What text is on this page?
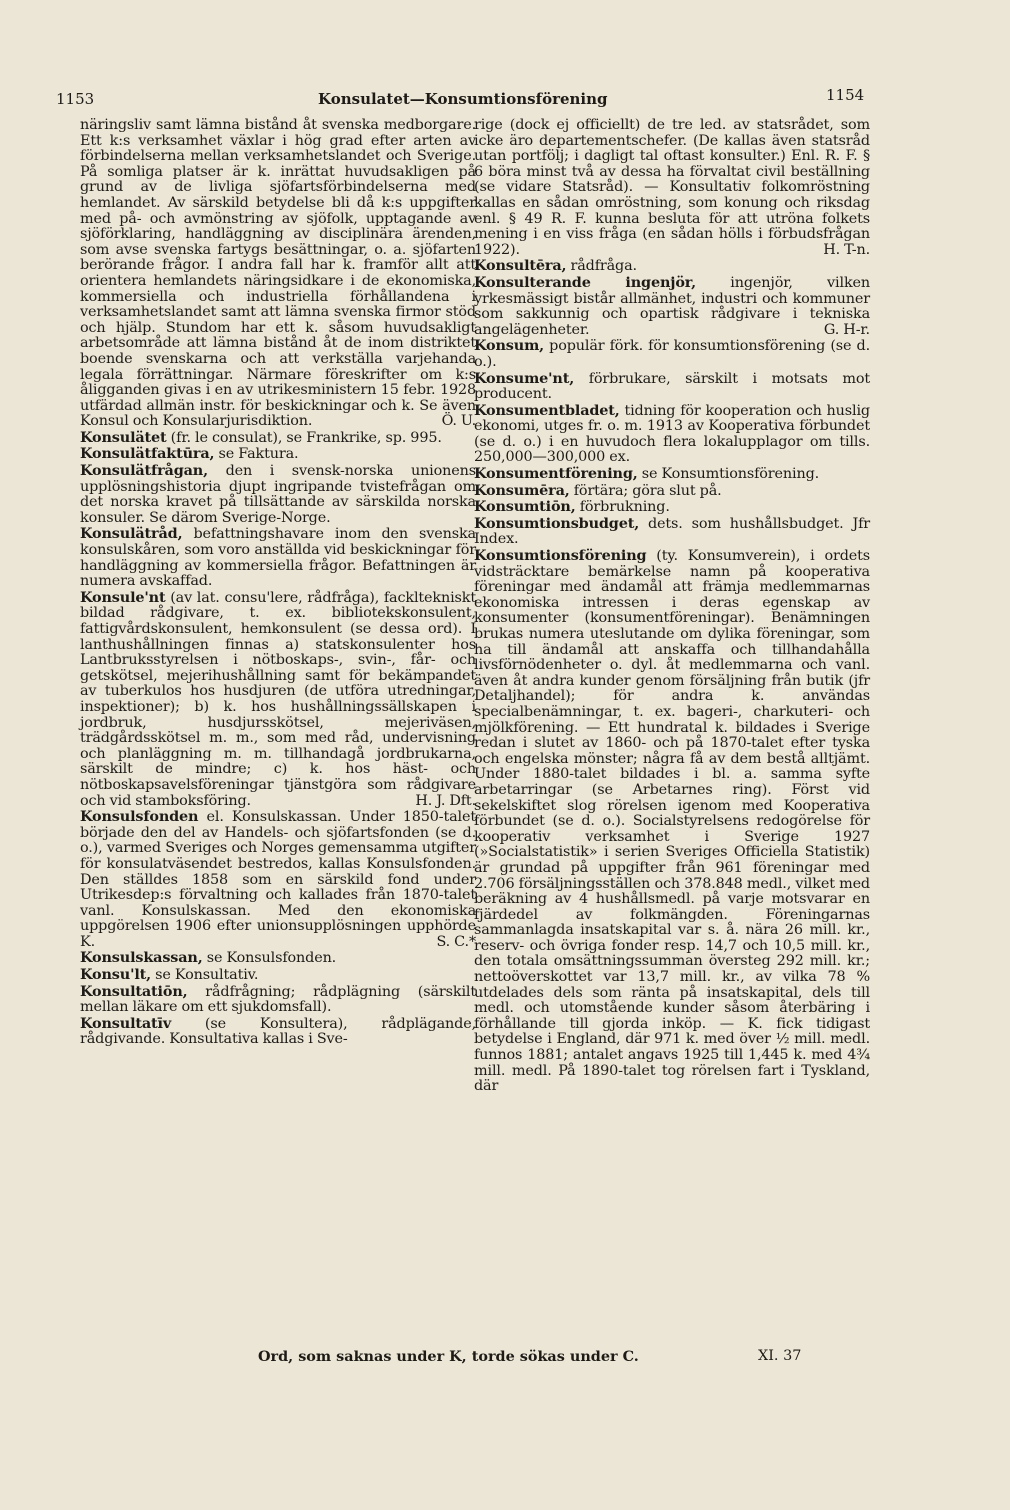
1153	Konsulatet—Konsumtionsförening	1154

näringsliv samt lämna bistånd åt svenska medborgare. Ett k:s verksamhet växlar i hög grad efter arten av förbindelserna mellan verksamhetslandet och Sverige. På somliga platser är k. inrättat huvudsakligen på grund av de livliga sjöfartsförbindelserna med hemlandet. Av särskild betydelse bli då k:s uppgifter med på- och avmönstring av sjöfolk, upptagande av sjöförklaring, handläggning av disciplinära ärenden, som avse svenska fartygs besättningar, o. a. sjöfarten berörande frågor. I andra fall har k. framför allt att orientera hemlandets näringsidkare i de ekonomiska, kommersiella och industriella förhållandena i verksamhetslandet samt att lämna svenska firmor stöd och hjälp. Stundom har ett k. såsom huvudsakligt arbetsområde att lämna bistånd åt de inom distriktet boende svenskarna och att verkställa varjehanda legala förrättningar. Närmare föreskrifter om k:s åligganden givas i en av utrikesministern 15 febr. 1928 utfärdad allmän instr. för beskickningar och k. Se även Konsul och Konsularjurisdiktion.	Ö. U.

Konsulätet (fr. le consulat), se Frankrike, sp. 995.

Konsulätfaktūra, se Faktura.

Konsulätfrågan, den i svensk-norska unionens upplösningshistoria djupt ingripande tvistefrågan om det norska kravet på tillsättande av särskilda norska konsuler. Se därom Sverige-Norge.

Konsulätråd, befattningshavare inom den svenska konsulskåren, som voro anställda vid beskickningar för handläggning av kommersiella frågor. Befattningen är numera avskaffad.

Konsule'nt (av lat. consu'lere, rådfråga), fackltekniskt bildad rådgivare, t. ex. bibliotekskonsulent, fattigvårdskonsulent, hemkonsulent (se dessa ord). I lanthushållningen finnas a) statskonsulenter hos Lantbruksstyrelsen i nötboskaps-, svin-, får- och getskötsel, mejerihushållning samt för bekämpandet av tuberkulos hos husdjuren (de utföra utredningar, inspektioner); b) k. hos hushållningssällskapen i jordbruk, husdjursskötsel, mejeriväsen, trädgårdsskötsel m. m., som med råd, undervisning och planläggning m. m. tillhandagå jordbrukarna, särskilt de mindre; c) k. hos häst- och nötboskapsavelsföreningar tjänstgöra som rådgivare och vid stamboksföring.	H. J. Dft.

Konsulsfonden el. Konsulskassan. Under 1850-talet började den del av Handels- och sjöfartsfonden (se d. o.), varmed Sveriges och Norges gemensamma utgifter för konsulatväsendet bestredos, kallas Konsulsfonden. Den ställdes 1858 som en särskild fond under Utrikesdep:s förvaltning och kallades från 1870-talet vanl. Konsulskassan. Med den ekonomiska uppgörelsen 1906 efter unionsupplösningen upphörde K.	S. C.*

Konsulskassan, se Konsulsfonden.

Konsu'lt, se Konsultativ.

Konsultatiōn, rådfrågning; rådplägning (särskilt mellan läkare om ett sjukdomsfall).

Konsultatīv (se Konsultera), rådplägande, rådgivande. Konsultativa kallas i Sve-

rige (dock ej officiellt) de tre led. av statsrådet, som icke äro departementschefer. (De kallas även statsråd utan portfölj; i dagligt tal oftast konsulter.) Enl. R. F. § 6 böra minst två av dessa ha förvaltat civil beställning (se vidare Statsråd). — Konsultativ folkomröstning kallas en sådan omröstning, som konung och riksdag enl. § 49 R. F. kunna besluta för att utröna folkets mening i en viss fråga (en sådan hölls i förbudsfrågan 1922).	H. T-n.

Konsultēra, rådfråga.

Konsulterande ingenjör, ingenjör, vilken yrkesmässigt bistår allmänhet, industri och kommuner som sakkunnig och opartisk rådgivare i tekniska angelägenheter.	G. H-r.

Konsum, populär förk. för konsumtionsförening (se d. o.).

Konsume'nt, förbrukare, särskilt i motsats mot producent.

Konsumentbladet, tidning för kooperation och huslig ekonomi, utges fr. o. m. 1913 av Kooperativa förbundet (se d. o.) i en huvudoch flera lokalupplagor om tills. 250,000—300,000 ex.

Konsumentförening, se Konsumtionsförening.

Konsumēra, förtära; göra slut på.

Konsumtiōn, förbrukning.

Konsumtionsbudget, dets. som hushållsbudget. Jfr Index.

Konsumtionsförening (ty. Konsumverein), i ordets vidsträcktare bemärkelse namn på kooperativa föreningar med ändamål att främja medlemmarnas ekonomiska intressen i deras egenskap av konsumenter (konsumentföreningar). Benämningen brukas numera uteslutande om dylika föreningar, som ha till ändamål att anskaffa och tillhandahålla livsförnödenheter o. dyl. åt medlemmarna och vanl. även åt andra kunder genom försäljning från butik (jfr Detaljhandel); för andra k. användas specialbenämningar, t. ex. bageri-, charkuteri- och mjölkförening. — Ett hundratal k. bildades i Sverige redan i slutet av 1860- och på 1870-talet efter tyska och engelska mönster; några få av dem bestå alltjämt. Under 1880-talet bildades i bl. a. samma syfte arbetarringar (se Arbetarnes ring). Först vid sekelskiftet slog rörelsen igenom med Kooperativa förbundet (se d. o.). Socialstyrelsens redogörelse för kooperativ verksamhet i Sverige 1927 (»Socialstatistik» i serien Sveriges Officiella Statistik) är grundad på uppgifter från 961 föreningar med 2.706 försäljningsställen och 378.848 medl., vilket med beräkning av 4 hushållsmedl. på varje motsvarar en fjärdedel av folkmängden. Föreningarnas sammanlagda insatskapital var s. å. nära 26 mill. kr., reserv- och övriga fonder resp. 14,7 och 10,5 mill. kr., den totala omsättningssumman översteg 292 mill. kr.; nettoöverskottet var 13,7 mill. kr., av vilka 78 % utdelades dels som ränta på insatskapital, dels till medl. och utomstående kunder såsom återbäring i förhållande till gjorda inköp. — K. fick tidigast betydelse i England, där 971 k. med över ½ mill. medl. funnos 1881; antalet angavs 1925 till 1,445 k. med 4¾ mill. medl. På 1890-talet tog rörelsen fart i Tyskland, där

Ord, som saknas under K, torde sökas under C.	XI. 37
